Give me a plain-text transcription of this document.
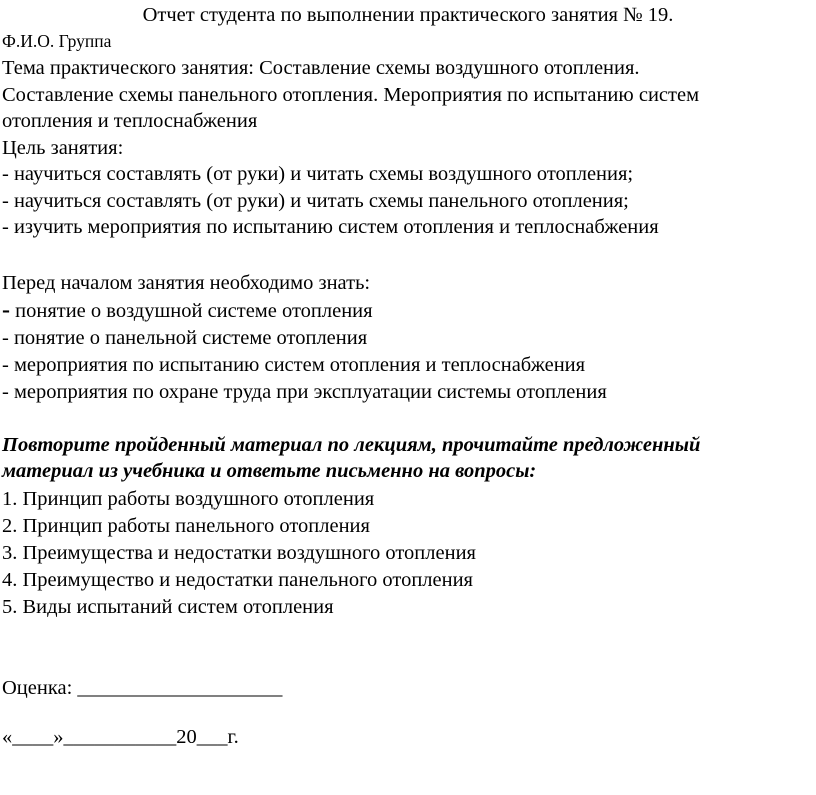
Отчет студента по выполнении практического занятия № 19.
Ф.И.О. Группа
Тема практического занятия: Составление схемы воздушного отопления.
Составление схемы панельного отопления. Мероприятия по испытанию систем
отопления и теплоснабжения
Цель занятия:
- научиться составлять (от руки) и читать схемы воздушного отопления;
- научиться составлять (от руки) и читать схемы панельного отопления;
- изучить мероприятия по испытанию систем отопления и теплоснабжения
Перед началом занятия необходимо знать:
- понятие о воздушной системе отопления
- понятие о панельной системе отопления
- мероприятия по испытанию систем отопления и теплоснабжения
- мероприятия по охране труда при эксплуатации системы отопления
Повторите пройденный материал по лекциям, прочитайте предложенный
материал из учебника и ответьте письменно на вопросы:
1. Принцип работы воздушного отопления
2. Принцип работы панельного отопления
3. Преимущества и недостатки воздушного отопления
4. Преимущество и недостатки панельного отопления
5. Виды испытаний систем отопления
Оценка: ____________________
«____»___________20___г.
